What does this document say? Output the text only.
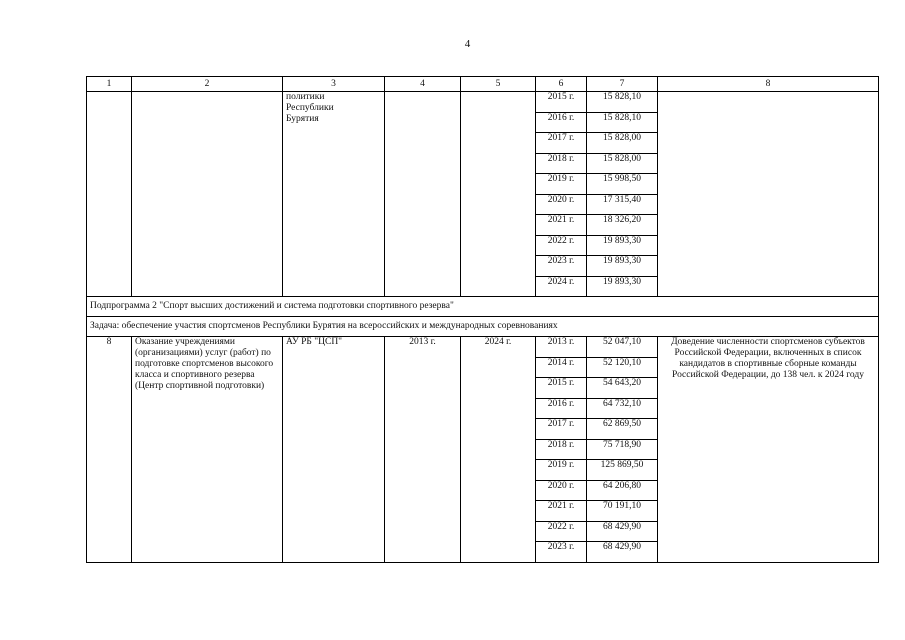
4
1	2	3	4	5	6	7	8
		политики
Республики
Бурятия			2015 г.	15 828,10	
					2016 г.	15 828,10	
					2017 г.	15 828,00	
					2018 г.	15 828,00	
					2019 г.	15 998,50	
					2020 г.	17 315,40	
					2021 г.	18 326,20	
					2022 г.	19 893,30	
					2023 г.	19 893,30	
					2024 г.	19 893,30	
Подпрограмма 2 "Спорт высших достижений и система подготовки спортивного резерва"							
Задача: обеспечение участия спортсменов Республики Бурятия на всероссийских и международных соревнованиях							
8	Оказание учреждениями (организациями) услуг (работ) по подготовке спортсменов высокого класса и спортивного резерва (Центр спортивной подготовки)	АУ РБ "ЦСП"	2013 г.	2024 г.	2013 г.	52 047,10	Доведение численности спортсменов субъектов Российской Федерации, включенных в список кандидатов в спортивные сборные команды Российской Федерации, до 138 чел. к 2024 году
					2014 г.	52 120,10	
					2015 г.	54 643,20	
					2016 г.	64 732,10	
					2017 г.	62 869,50	
					2018 г.	75 718,90	
					2019 г.	125 869,50	
					2020 г.	64 206,80	
					2021 г.	70 191,10	
					2022 г.	68 429,90	
					2023 г.	68 429,90	
